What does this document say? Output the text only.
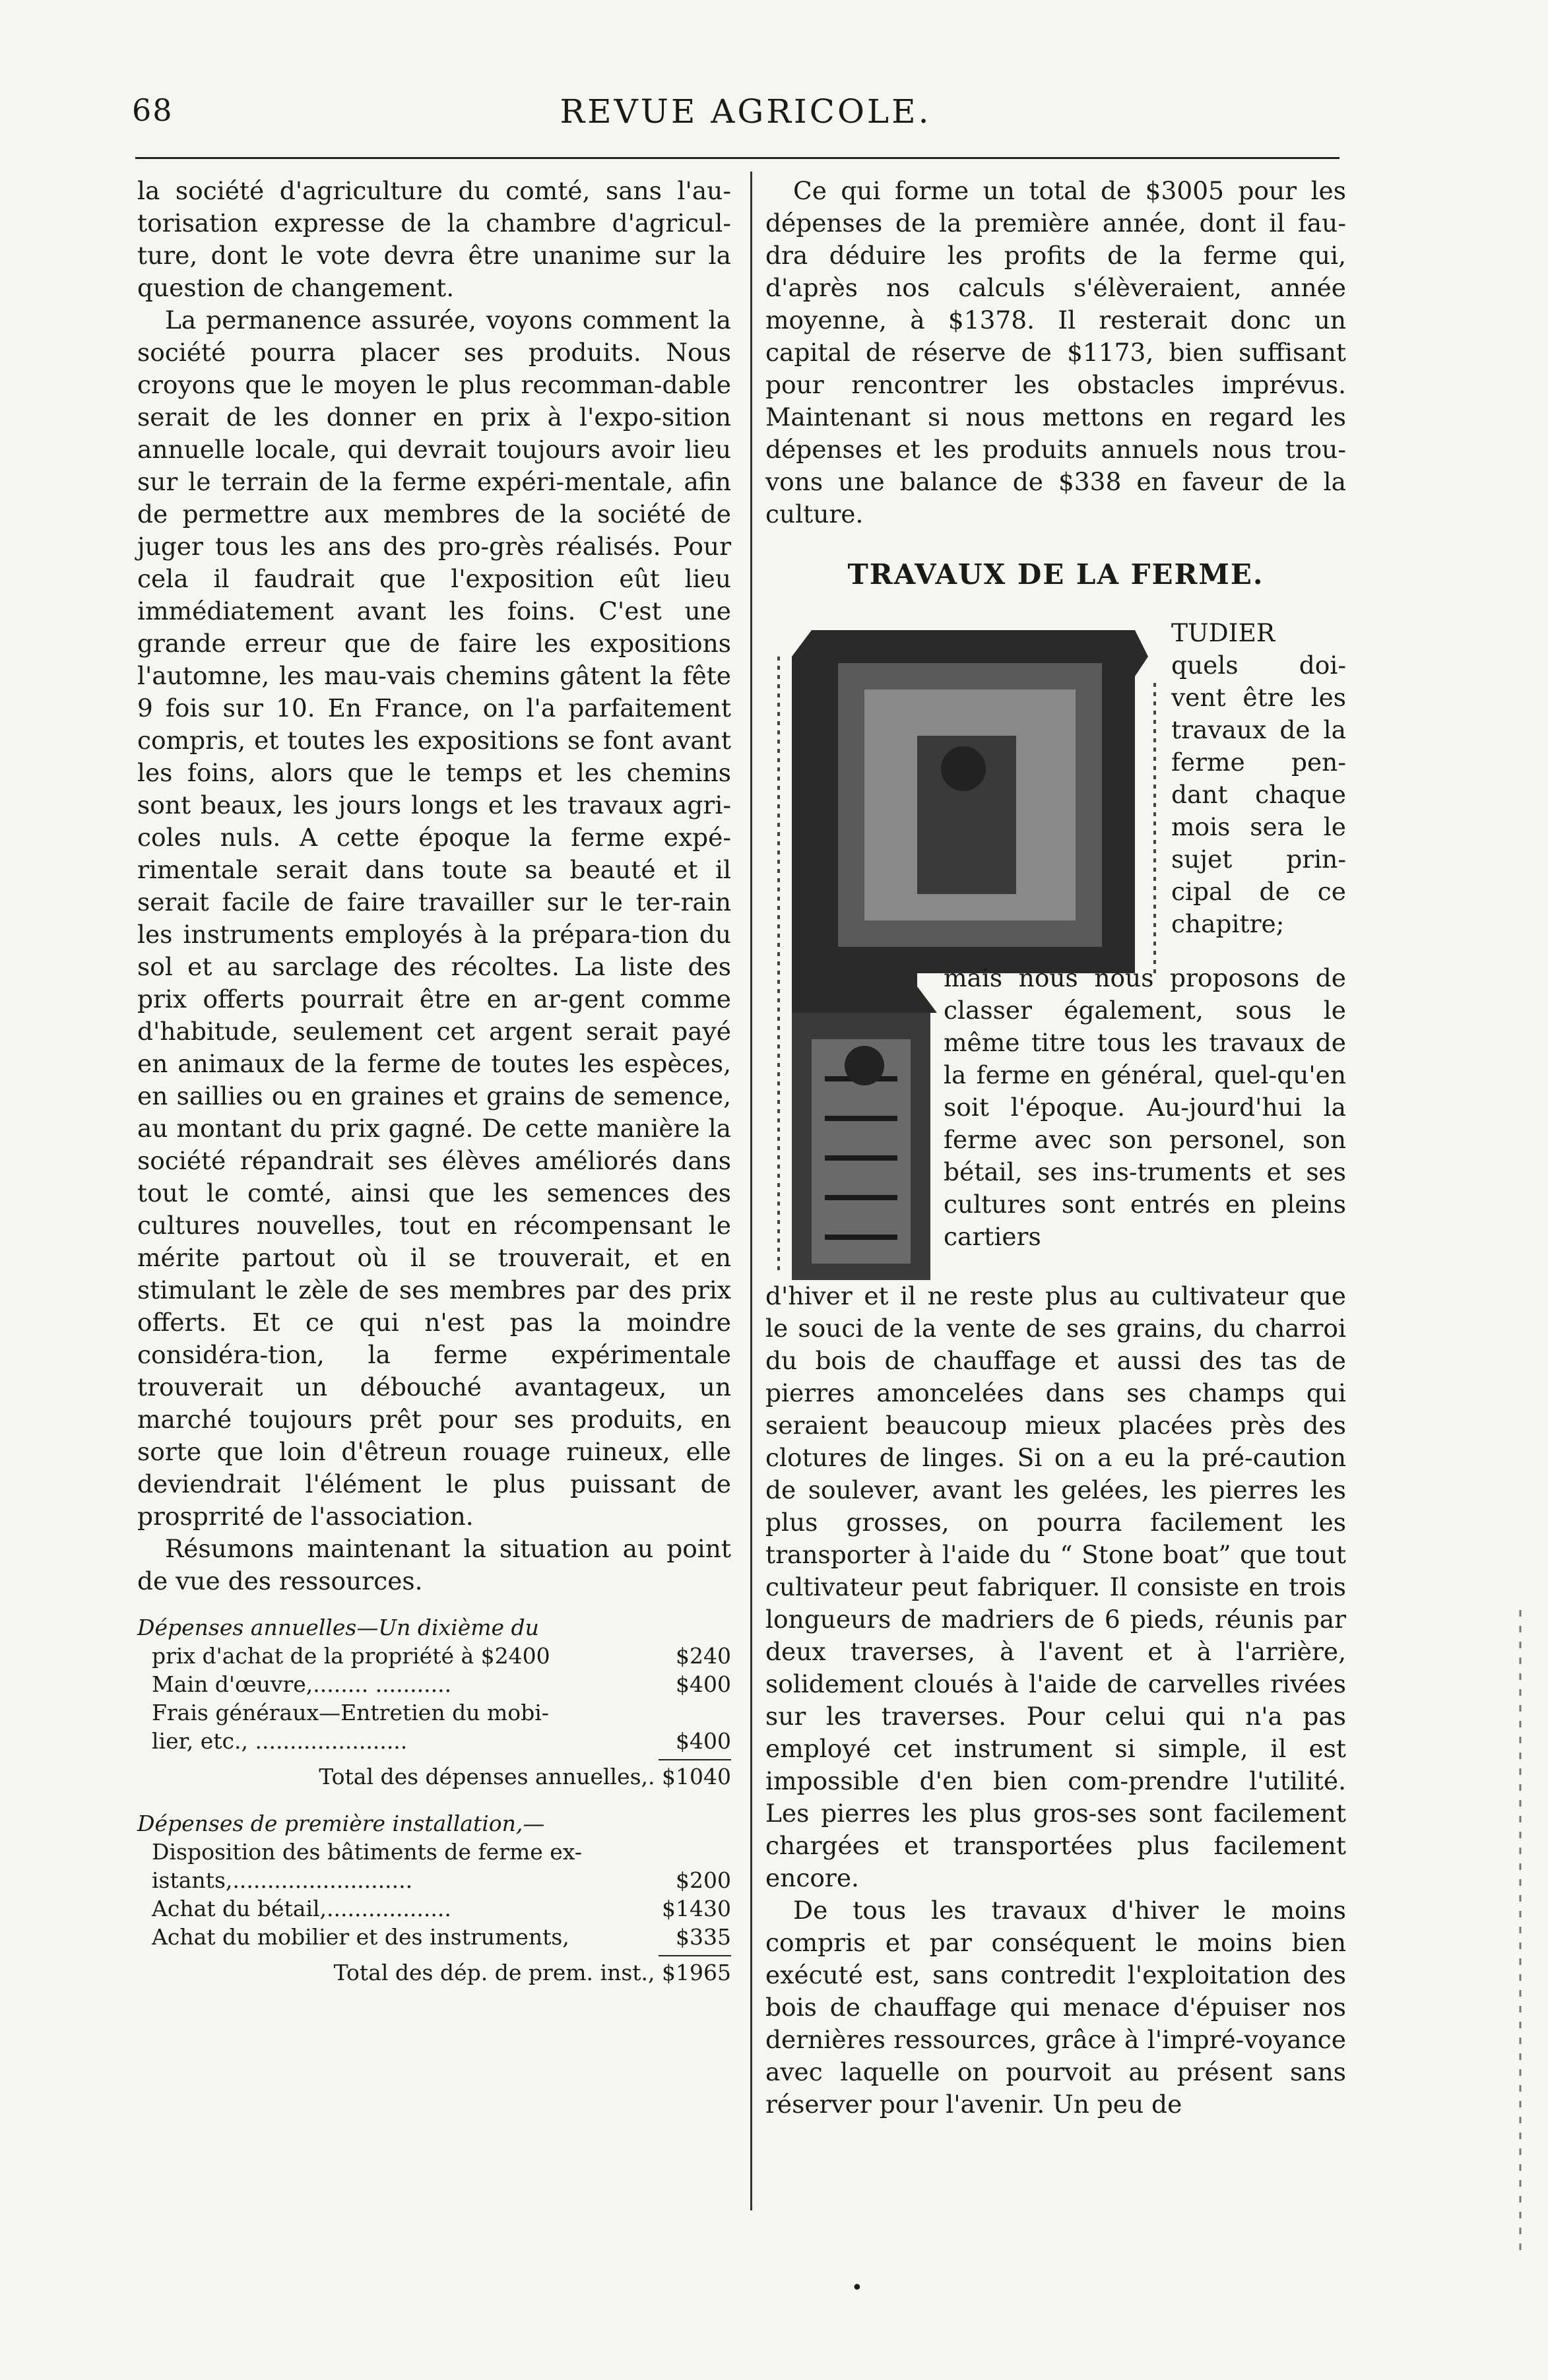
68	REVUE AGRICOLE.

la société d'agriculture du comté, sans l'au-torisation expresse de la chambre d'agricul-ture, dont le vote devra être unanime sur la question de changement.

La permanence assurée, voyons comment la société pourra placer ses produits. Nous croyons que le moyen le plus recomman-dable serait de les donner en prix à l'expo-sition annuelle locale, qui devrait toujours avoir lieu sur le terrain de la ferme expéri-mentale, afin de permettre aux membres de la société de juger tous les ans des pro-grès réalisés. Pour cela il faudrait que l'exposition eût lieu immédiatement avant les foins. C'est une grande erreur que de faire les expositions l'automne, les mau-vais chemins gâtent la fête 9 fois sur 10. En France, on l'a parfaitement compris, et toutes les expositions se font avant les foins, alors que le temps et les chemins sont beaux, les jours longs et les travaux agri-coles nuls. A cette époque la ferme expé-rimentale serait dans toute sa beauté et il serait facile de faire travailler sur le ter-rain les instruments employés à la prépara-tion du sol et au sarclage des récoltes. La liste des prix offerts pourrait être en ar-gent comme d'habitude, seulement cet argent serait payé en animaux de la ferme de toutes les espèces, en saillies ou en graines et grains de semence, au montant du prix gagné. De cette manière la société répandrait ses élèves améliorés dans tout le comté, ainsi que les semences des cultures nouvelles, tout en récompensant le mérite partout où il se trouverait, et en stimulant le zèle de ses membres par des prix offerts. Et ce qui n'est pas la moindre considéra-tion, la ferme expérimentale trouverait un débouché avantageux, un marché toujours prêt pour ses produits, en sorte que loin d'êtreun rouage ruineux, elle deviendrait l'élément le plus puissant de prosprrité de l'association.

Résumons maintenant la situation au point de vue des ressources.

Dépenses annuelles—Un dixième du
prix d'achat de la propriété à $2400	$240
Main d'œuvre,........ ...........	$400
Frais généraux—Entretien du mobi-
lier, etc., ......................	$400
Total des dépenses annuelles,. $1040
Dépenses de première installation,—
Disposition des bâtiments de ferme ex-
istants,..........................	$200
Achat du bétail,..................	$1430
Achat du mobilier et des instruments,	$335
Total des dép. de prem. inst., $1965

Ce qui forme un total de $3005 pour les dépenses de la première année, dont il fau-dra déduire les profits de la ferme qui, d'après nos calculs s'élèveraient, année moyenne, à $1378. Il resterait donc un capital de réserve de $1173, bien suffisant pour rencontrer les obstacles imprévus. Maintenant si nous mettons en regard les dépenses et les produits annuels nous trou-vons une balance de $338 en faveur de la culture.

TRAVAUX DE LA FERME.
TUDIER quels doi-vent être les travaux de la ferme pen-dant chaque mois sera le sujet prin-cipal de ce chapitre;
mais nous nous proposons de classer également, sous le même titre tous les travaux de la ferme en général, quel-qu'en soit l'époque. Au-jourd'hui la ferme avec son personel, son bétail, ses ins-truments et ses cultures sont entrés en pleins cartiers

d'hiver et il ne reste plus au cultivateur que le souci de la vente de ses grains, du charroi du bois de chauffage et aussi des tas de pierres amoncelées dans ses champs qui seraient beaucoup mieux placées près des clotures de linges. Si on a eu la pré-caution de soulever, avant les gelées, les pierres les plus grosses, on pourra facilement les transporter à l'aide du “ Stone boat” que tout cultivateur peut fabriquer. Il consiste en trois longueurs de madriers de 6 pieds, réunis par deux traverses, à l'avent et à l'arrière, solidement cloués à l'aide de carvelles rivées sur les traverses. Pour celui qui n'a pas employé cet instrument si simple, il est impossible d'en bien com-prendre l'utilité. Les pierres les plus gros-ses sont facilement chargées et transportées plus facilement encore.

De tous les travaux d'hiver le moins compris et par conséquent le moins bien exécuté est, sans contredit l'exploitation des bois de chauffage qui menace d'épuiser nos dernières ressources, grâce à l'impré-voyance avec laquelle on pourvoit au présent sans réserver pour l'avenir. Un peu de

•
